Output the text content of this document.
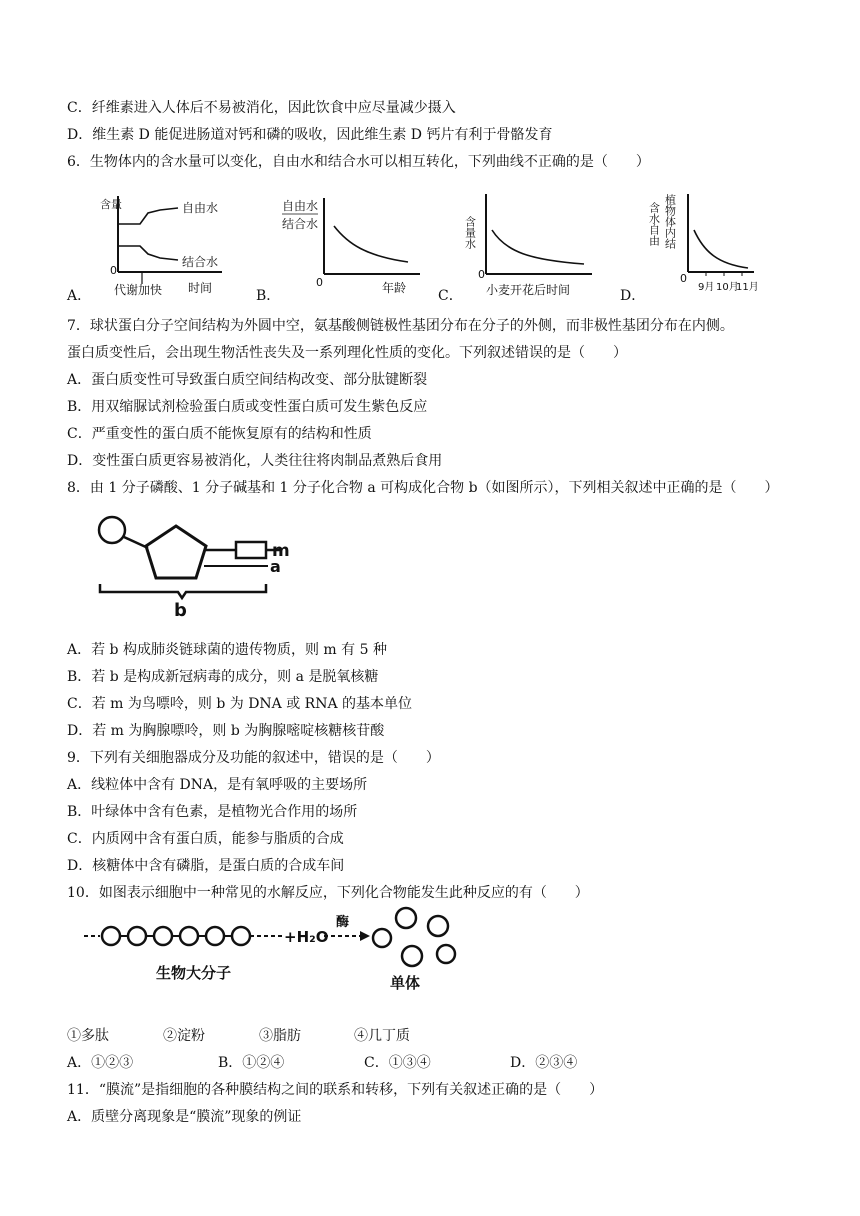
C．纤维素进入人体后不易被消化，因此饮食中应尽量减少摄入
D．维生素 D 能促进肠道对钙和磷的吸收，因此维生素 D 钙片有利于骨骼发育
6．生物体内的含水量可以变化，自由水和结合水可以相互转化，下列曲线不正确的是（　　）
A．	B．	C．	D．
含量	自由水
结合水
0
代谢加快 时间
自由水
结合水
0	年龄
含量水
0
小麦开花后时间
含水自由 植物体内结
0
9月 10月
11月
7．球状蛋白分子空间结构为外圆中空，氨基酸侧链极性基团分布在分子的外侧，而非极性基团分布在内侧。
蛋白质变性后，会出现生物活性丧失及一系列理化性质的变化。下列叙述错误的是（　　）
A．蛋白质变性可导致蛋白质空间结构改变、部分肽键断裂
B．用双缩脲试剂检验蛋白质或变性蛋白质可发生紫色反应
C．严重变性的蛋白质不能恢复原有的结构和性质
D．变性蛋白质更容易被消化，人类往往将肉制品煮熟后食用
8．由 1 分子磷酸、1 分子碱基和 1 分子化合物 a 可构成化合物 b（如图所示），下列相关叙述中正确的是（　　）
m
a
b
A．若 b 构成肺炎链球菌的遗传物质，则 m 有 5 种
B．若 b 是构成新冠病毒的成分，则 a 是脱氧核糖
C．若 m 为鸟嘌呤，则 b 为 DNA 或 RNA 的基本单位
D．若 m 为胸腺嘌呤，则 b 为胸腺嘧啶核糖核苷酸
9．下列有关细胞器成分及功能的叙述中，错误的是（　　）
A．线粒体中含有 DNA，是有氧呼吸的主要场所
B．叶绿体中含有色素，是植物光合作用的场所
C．内质网中含有蛋白质，能参与脂质的合成
D．核糖体中含有磷脂，是蛋白质的合成车间
10．如图表示细胞中一种常见的水解反应，下列化合物能发生此种反应的有（　　）
+H₂O
酶
生物大分子
单体
①多肽	②淀粉	③脂肪	④几丁质
A．①②③	B．①②④	C．①③④	D．②③④
11．“膜流”是指细胞的各种膜结构之间的联系和转移，下列有关叙述正确的是（　　）
A．质壁分离现象是“膜流”现象的例证
